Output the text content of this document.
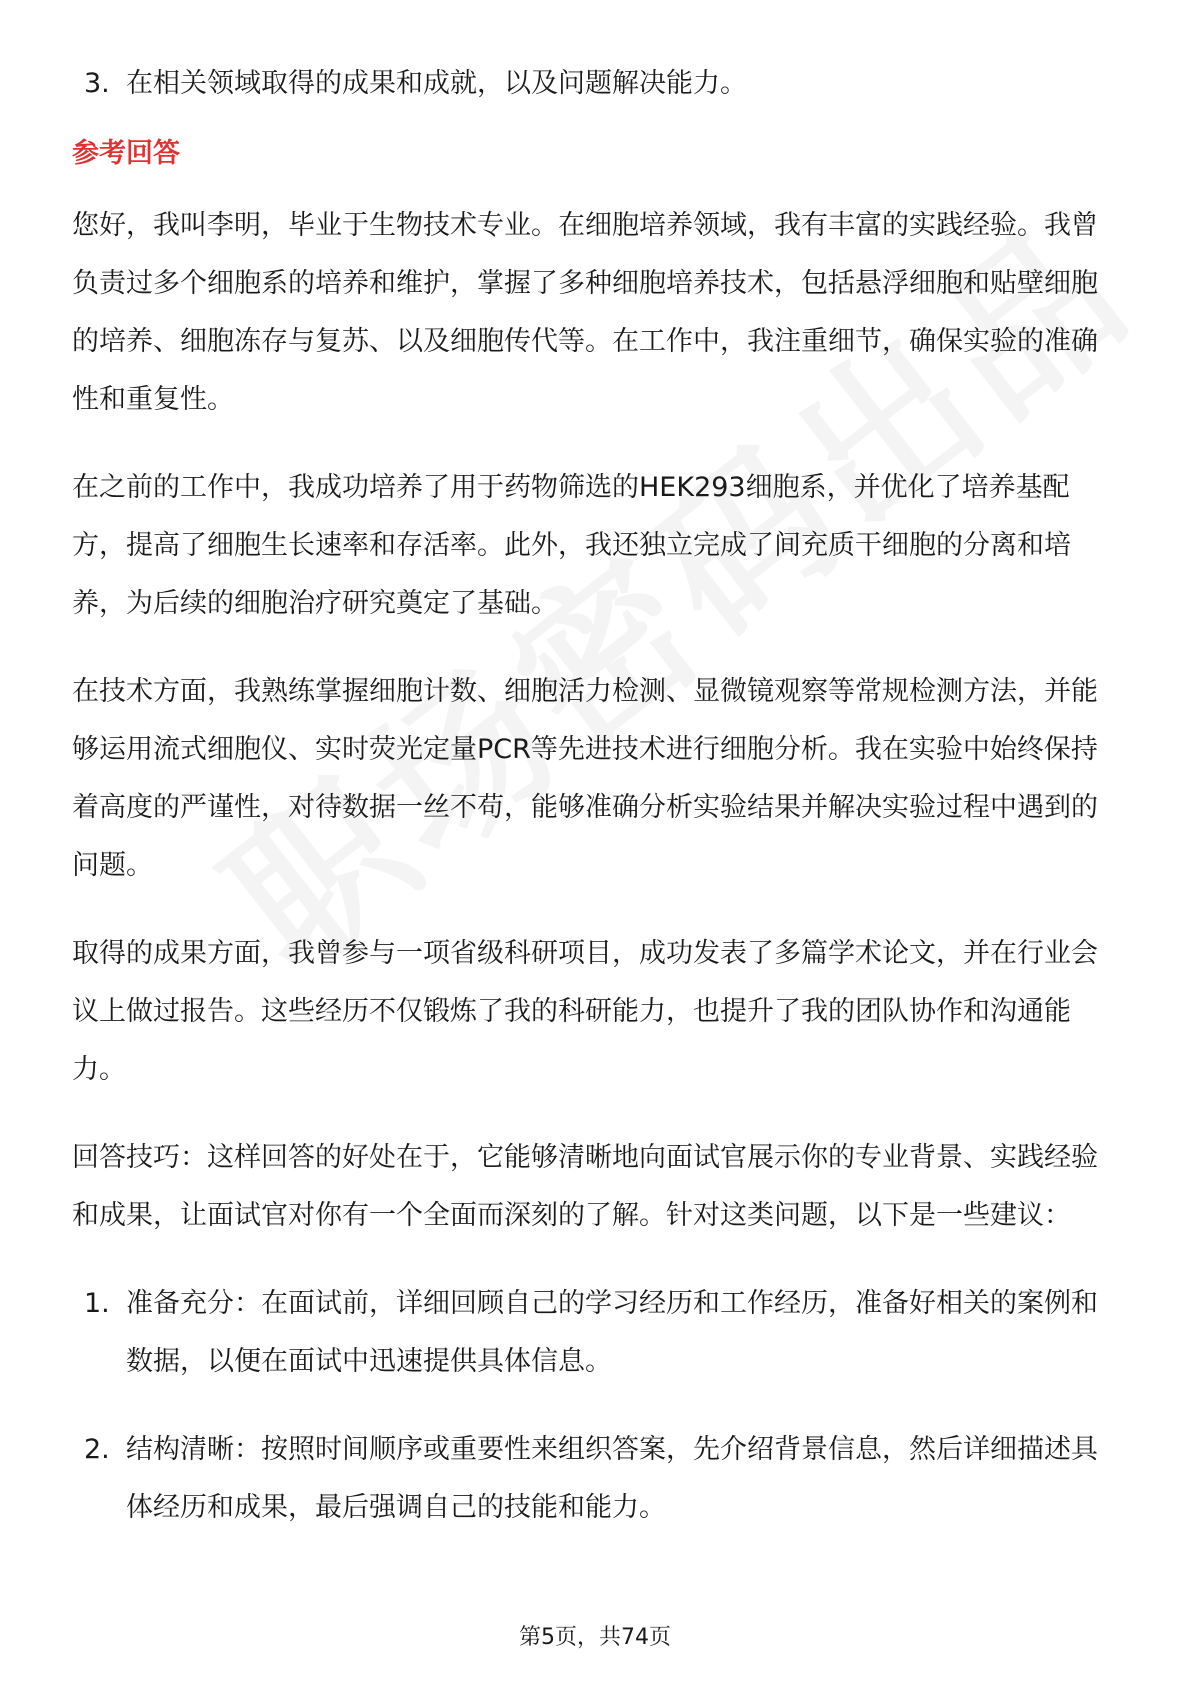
3. 在相关领域取得的成果和成就，以及问题解决能力。
参考回答

您好，我叫李明，毕业于生物技术专业。在细胞培养领域，我有丰富的实践经验。我曾负责过多个细胞系的培养和维护，掌握了多种细胞培养技术，包括悬浮细胞和贴壁细胞的培养、细胞冻存与复苏、以及细胞传代等。在工作中，我注重细节，确保实验的准确性和重复性。

在之前的工作中，我成功培养了用于药物筛选的HEK293细胞系，并优化了培养基配方，提高了细胞生长速率和存活率。此外，我还独立完成了间充质干细胞的分离和培养，为后续的细胞治疗研究奠定了基础。

在技术方面，我熟练掌握细胞计数、细胞活力检测、显微镜观察等常规检测方法，并能够运用流式细胞仪、实时荧光定量PCR等先进技术进行细胞分析。我在实验中始终保持着高度的严谨性，对待数据一丝不苟，能够准确分析实验结果并解决实验过程中遇到的问题。

取得的成果方面，我曾参与一项省级科研项目，成功发表了多篇学术论文，并在行业会议上做过报告。这些经历不仅锻炼了我的科研能力，也提升了我的团队协作和沟通能力。

回答技巧：这样回答的好处在于，它能够清晰地向面试官展示你的专业背景、实践经验和成果，让面试官对你有一个全面而深刻的了解。针对这类问题，以下是一些建议：

1. 准备充分：在面试前，详细回顾自己的学习经历和工作经历，准备好相关的案例和数据，以便在面试中迅速提供具体信息。
2. 结构清晰：按照时间顺序或重要性来组织答案，先介绍背景信息，然后详细描述具体经历和成果，最后强调自己的技能和能力。
第5页，共74页
